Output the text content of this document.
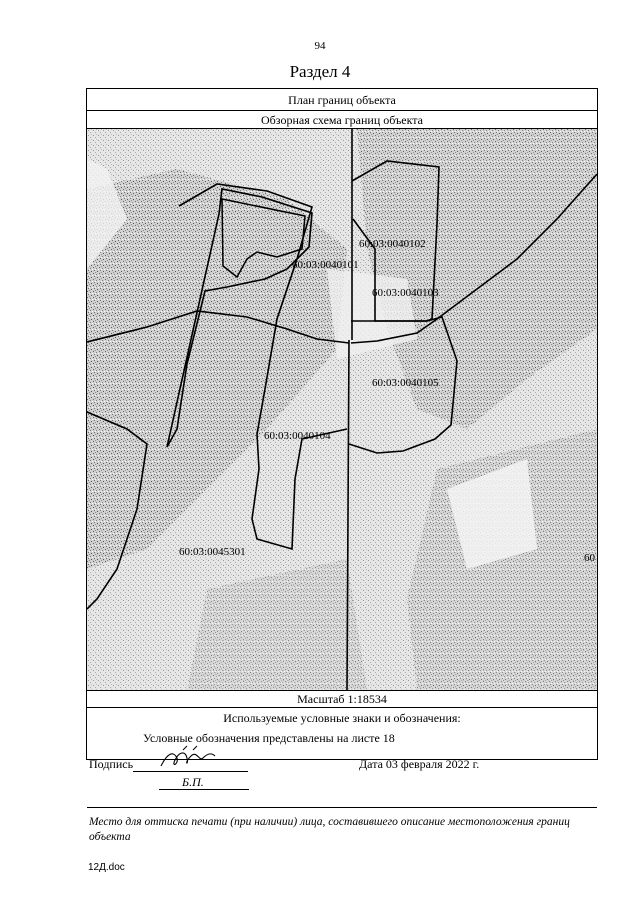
94
Раздел 4
План границ объекта
Обзорная схема границ объекта
60:03:0040101
60:03:0040102
60:03:0040103
60:03:0040105
60:03:0040104
60:03:0045301	60
Масштаб 1:18534
Используемые условные знаки и обозначения:
Условные обозначения представлены на листе 18
Подпись
Б.П.
Дата 03 февраля 2022 г.
Место для оттиска печати (при наличии) лица, составившего описание местоположения границ объекта
12Д.doc
